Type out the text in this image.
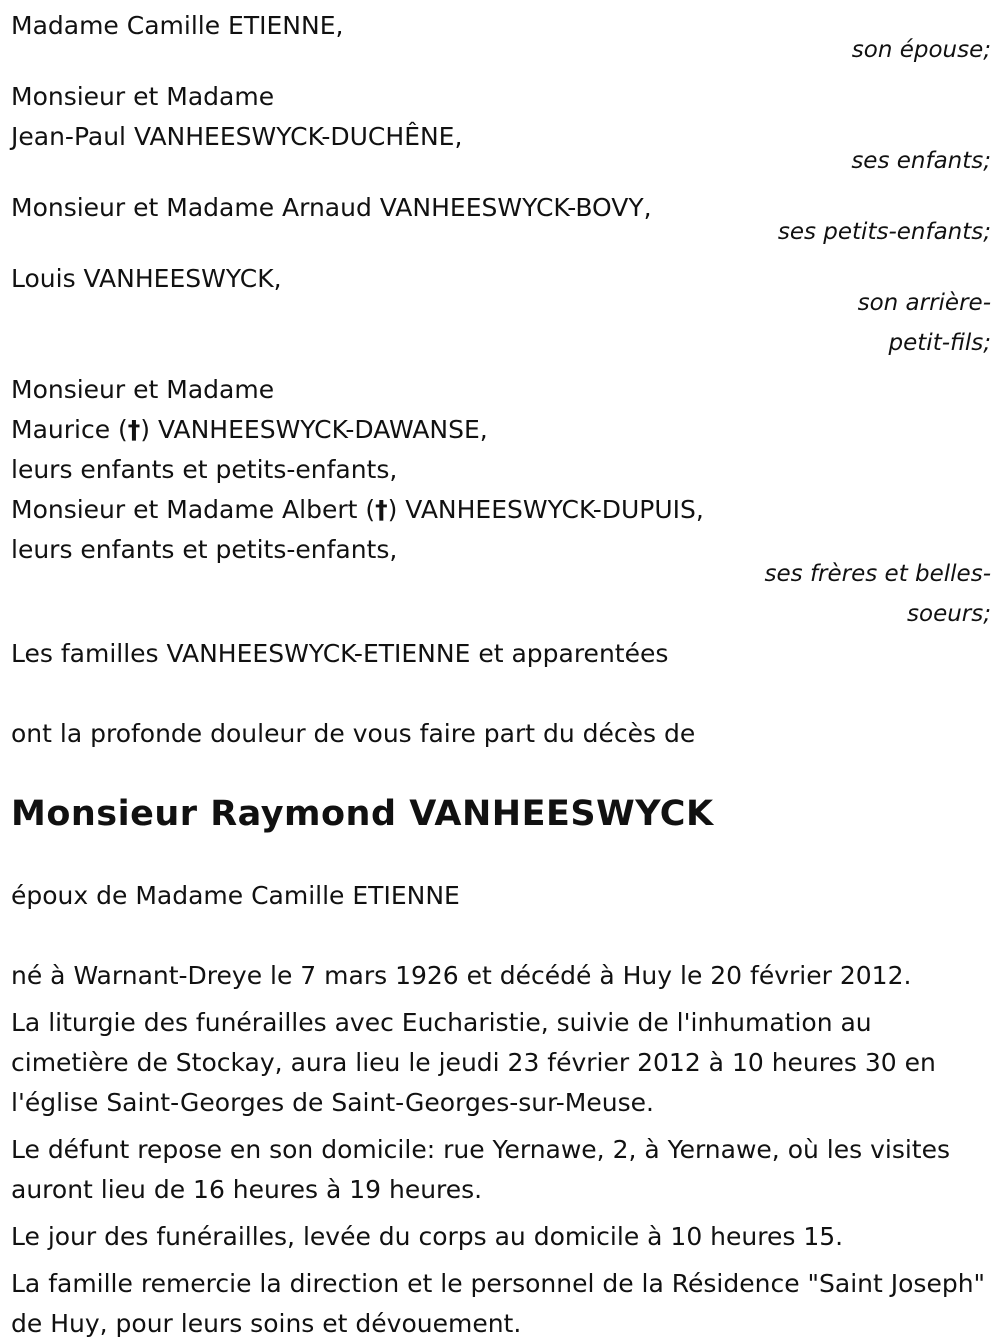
Madame Camille ETIENNE,
son épouse;
Monsieur et Madame
Jean-Paul VANHEESWYCK-DUCHÊNE,
ses enfants;
Monsieur et Madame Arnaud VANHEESWYCK-BOVY,
ses petits-enfants;
Louis VANHEESWYCK,
son arrière-
petit-fils;
Monsieur et Madame
Maurice (†) VANHEESWYCK-DAWANSE,
leurs enfants et petits-enfants,
Monsieur et Madame Albert (†) VANHEESWYCK-DUPUIS,
leurs enfants et petits-enfants,
ses frères et belles-
soeurs;
Les familles VANHEESWYCK-ETIENNE et apparentées
ont la profonde douleur de vous faire part du décès de
Monsieur Raymond VANHEESWYCK
époux de Madame Camille ETIENNE
né à Warnant-Dreye le 7 mars 1926 et décédé à Huy le 20 février 2012.
La liturgie des funérailles avec Eucharistie, suivie de l'inhumation au cimetière de Stockay, aura lieu le jeudi 23 février 2012 à 10 heures 30 en l'église Saint-Georges de Saint-Georges-sur-Meuse.
Le défunt repose en son domicile: rue Yernawe, 2, à Yernawe, où les visites auront lieu de 16 heures à 19 heures.
Le jour des funérailles, levée du corps au domicile à 10 heures 15.
La famille remercie la direction et le personnel de la Résidence "Saint Joseph" de Huy, pour leurs soins et dévouement.
